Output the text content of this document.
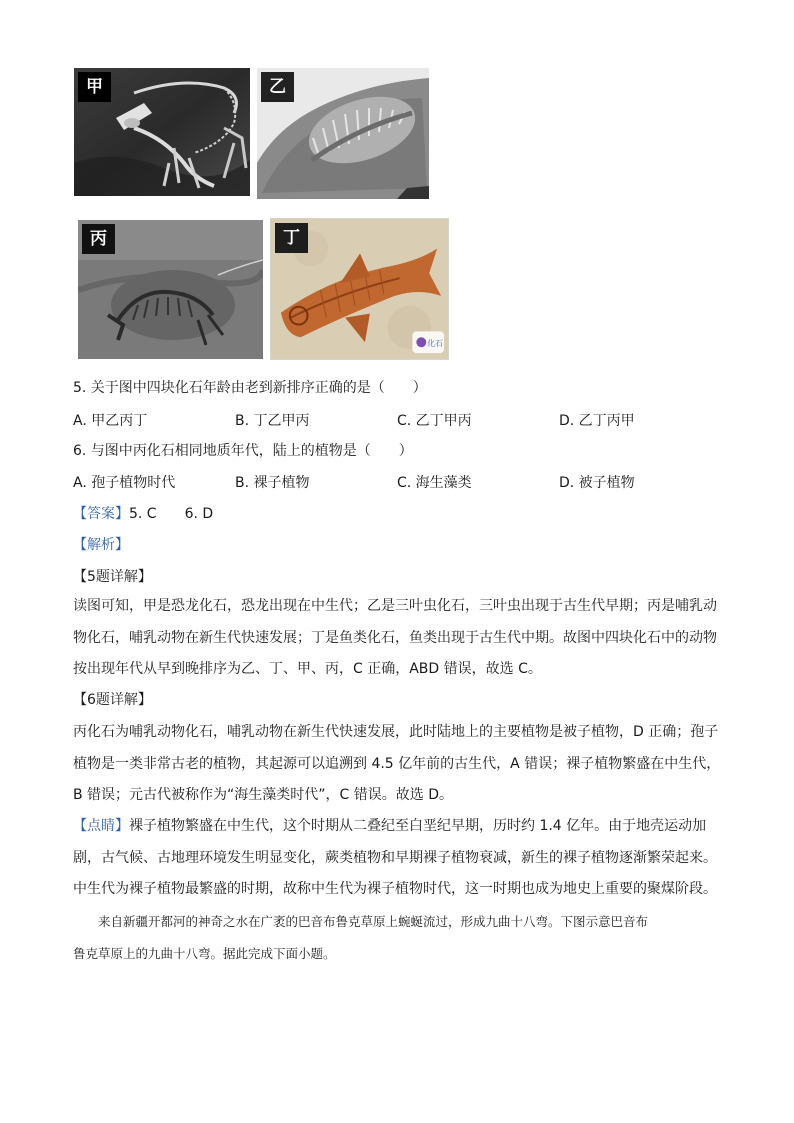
甲	乙
丙
化石
丁
5. 关于图中四块化石年龄由老到新排序正确的是（　　）
A. 甲乙丙丁	B. 丁乙甲丙	C. 乙丁甲丙	D. 乙丁丙甲
6. 与图中丙化石相同地质年代，陆上的植物是（　　）
A. 孢子植物时代	B. 裸子植物	C. 海生藻类	D. 被子植物
【答案】5. C　　6. D
【解析】
【5题详解】

读图可知，甲是恐龙化石，恐龙出现在中生代；乙是三叶虫化石，三叶虫出现于古生代早期；丙是哺乳动

物化石，哺乳动物在新生代快速发展；丁是鱼类化石，鱼类出现于古生代中期。故图中四块化石中的动物

按出现年代从早到晚排序为乙、丁、甲、丙，C 正确，ABD 错误，故选 C。

【6题详解】

丙化石为哺乳动物化石，哺乳动物在新生代快速发展，此时陆地上的主要植物是被子植物，D 正确；孢子

植物是一类非常古老的植物，其起源可以追溯到 4.5 亿年前的古生代，A 错误；裸子植物繁盛在中生代，

B 错误；元古代被称作为“海生藻类时代”，C 错误。故选 D。

【点睛】裸子植物繁盛在中生代，这个时期从二叠纪至白垩纪早期，历时约 1.4 亿年。由于地壳运动加

剧，古气候、古地理环境发生明显变化，蕨类植物和早期裸子植物衰减，新生的裸子植物逐渐繁荣起来。

中生代为裸子植物最繁盛的时期，故称中生代为裸子植物时代，这一时期也成为地史上重要的聚煤阶段。

来自新疆开都河的神奇之水在广袤的巴音布鲁克草原上蜿蜒流过，形成九曲十八弯。下图示意巴音布

鲁克草原上的九曲十八弯。据此完成下面小题。
